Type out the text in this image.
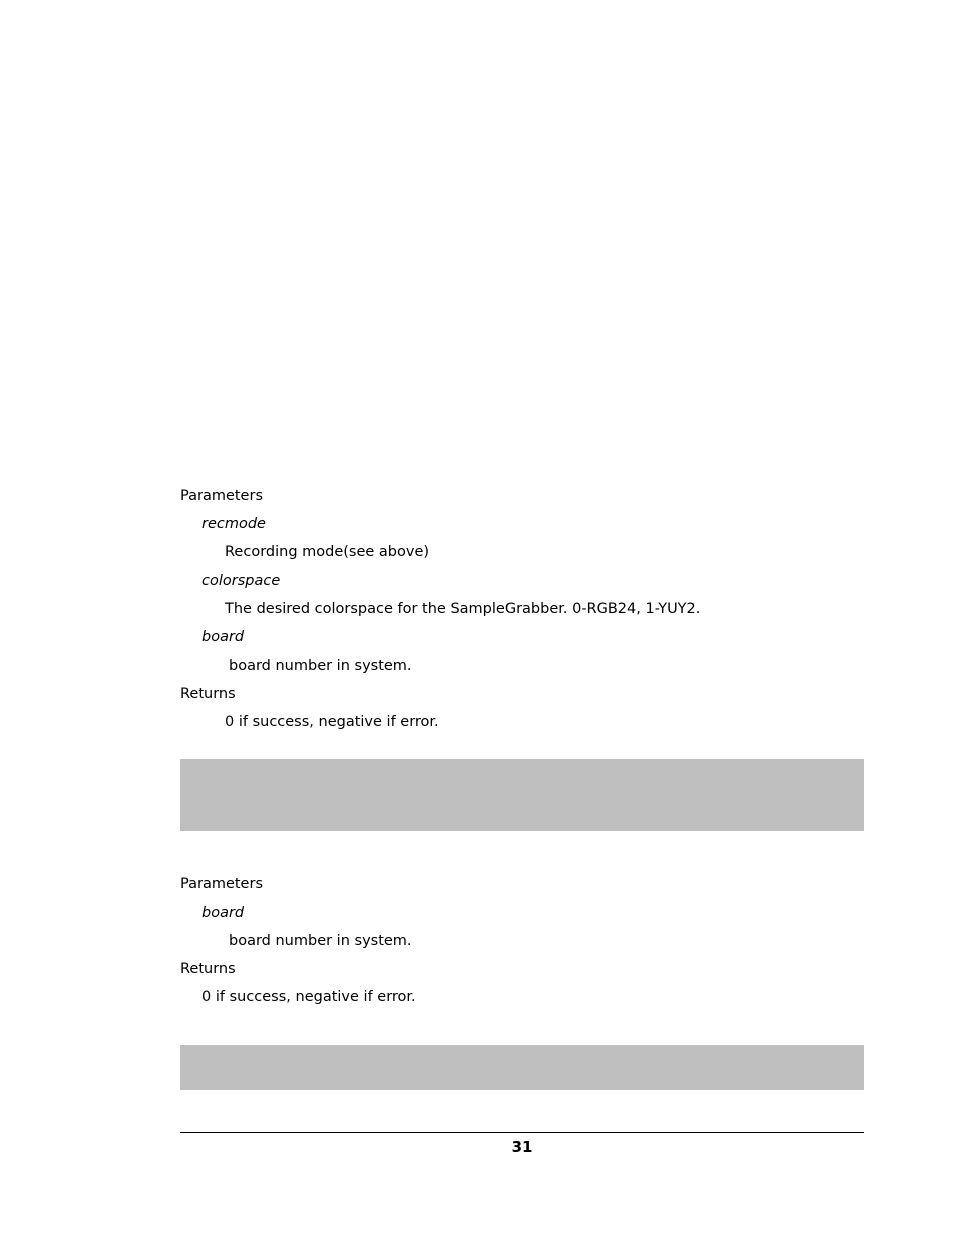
Parameters
recmode
Recording mode(see above)
colorspace
The desired colorspace for the SampleGrabber. 0-RGB24, 1-YUY2.
board
board number in system.
Returns
0 if success, negative if error.
Parameters
board
board number in system.
Returns
0 if success, negative if error.
31
